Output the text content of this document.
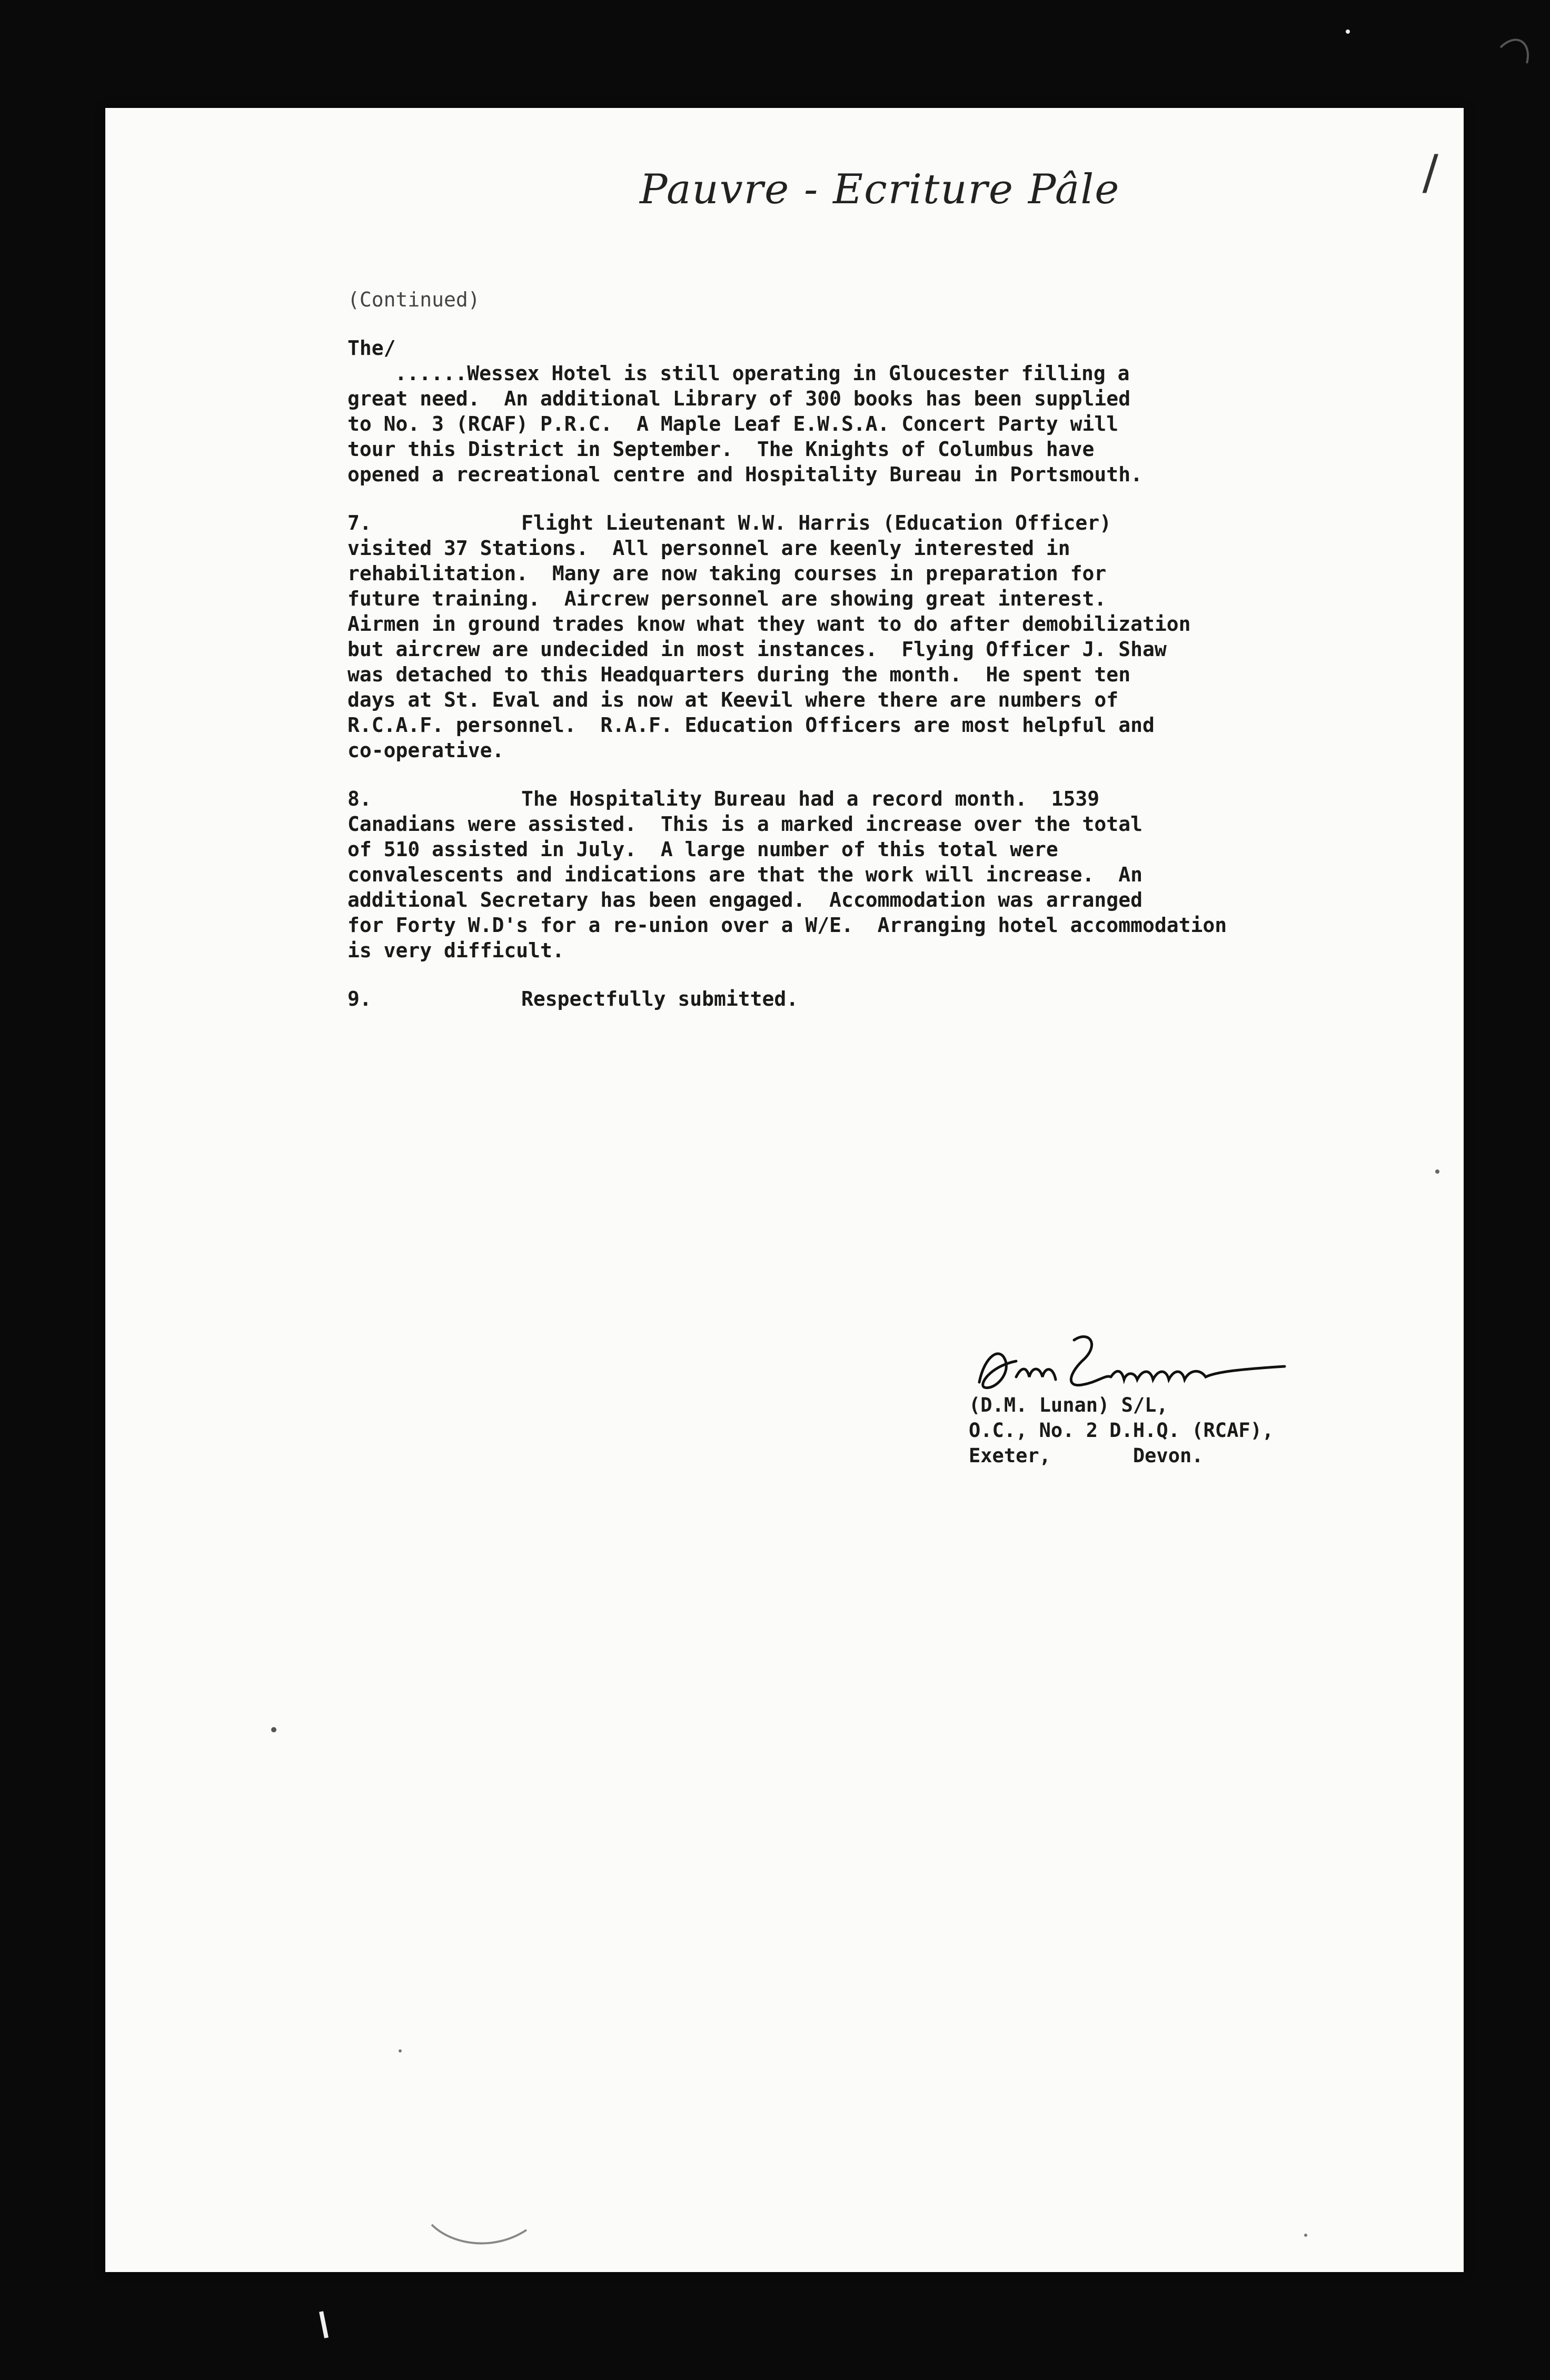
/
Pauvre - Ecriture Pâle
(Continued)
The/
......Wessex Hotel is still operating in Gloucester filling a
great need.  An additional Library of 300 books has been supplied
to No. 3 (RCAF) P.R.C.  A Maple Leaf E.W.S.A. Concert Party will
tour this District in September.  The Knights of Columbus have
opened a recreational centre and Hospitality Bureau in Portsmouth.
7.	Flight Lieutenant W.W. Harris (Education Officer)
visited 37 Stations.  All personnel are keenly interested in
rehabilitation.  Many are now taking courses in preparation for
future training.  Aircrew personnel are showing great interest.
Airmen in ground trades know what they want to do after demobilization
but aircrew are undecided in most instances.  Flying Officer J. Shaw
was detached to this Headquarters during the month.  He spent ten
days at St. Eval and is now at Keevil where there are numbers of
R.C.A.F. personnel.  R.A.F. Education Officers are most helpful and
co-operative.
8.	The Hospitality Bureau had a record month.  1539
Canadians were assisted.  This is a marked increase over the total
of 510 assisted in July.  A large number of this total were
convalescents and indications are that the work will increase.  An
additional Secretary has been engaged.  Accommodation was arranged
for Forty W.D's for a re-union over a W/E.  Arranging hotel accommodation
is very difficult.
9.	Respectfully submitted.
(D.M. Lunan) S/L,
O.C., No. 2 D.H.Q. (RCAF),
Exeter,       Devon.
